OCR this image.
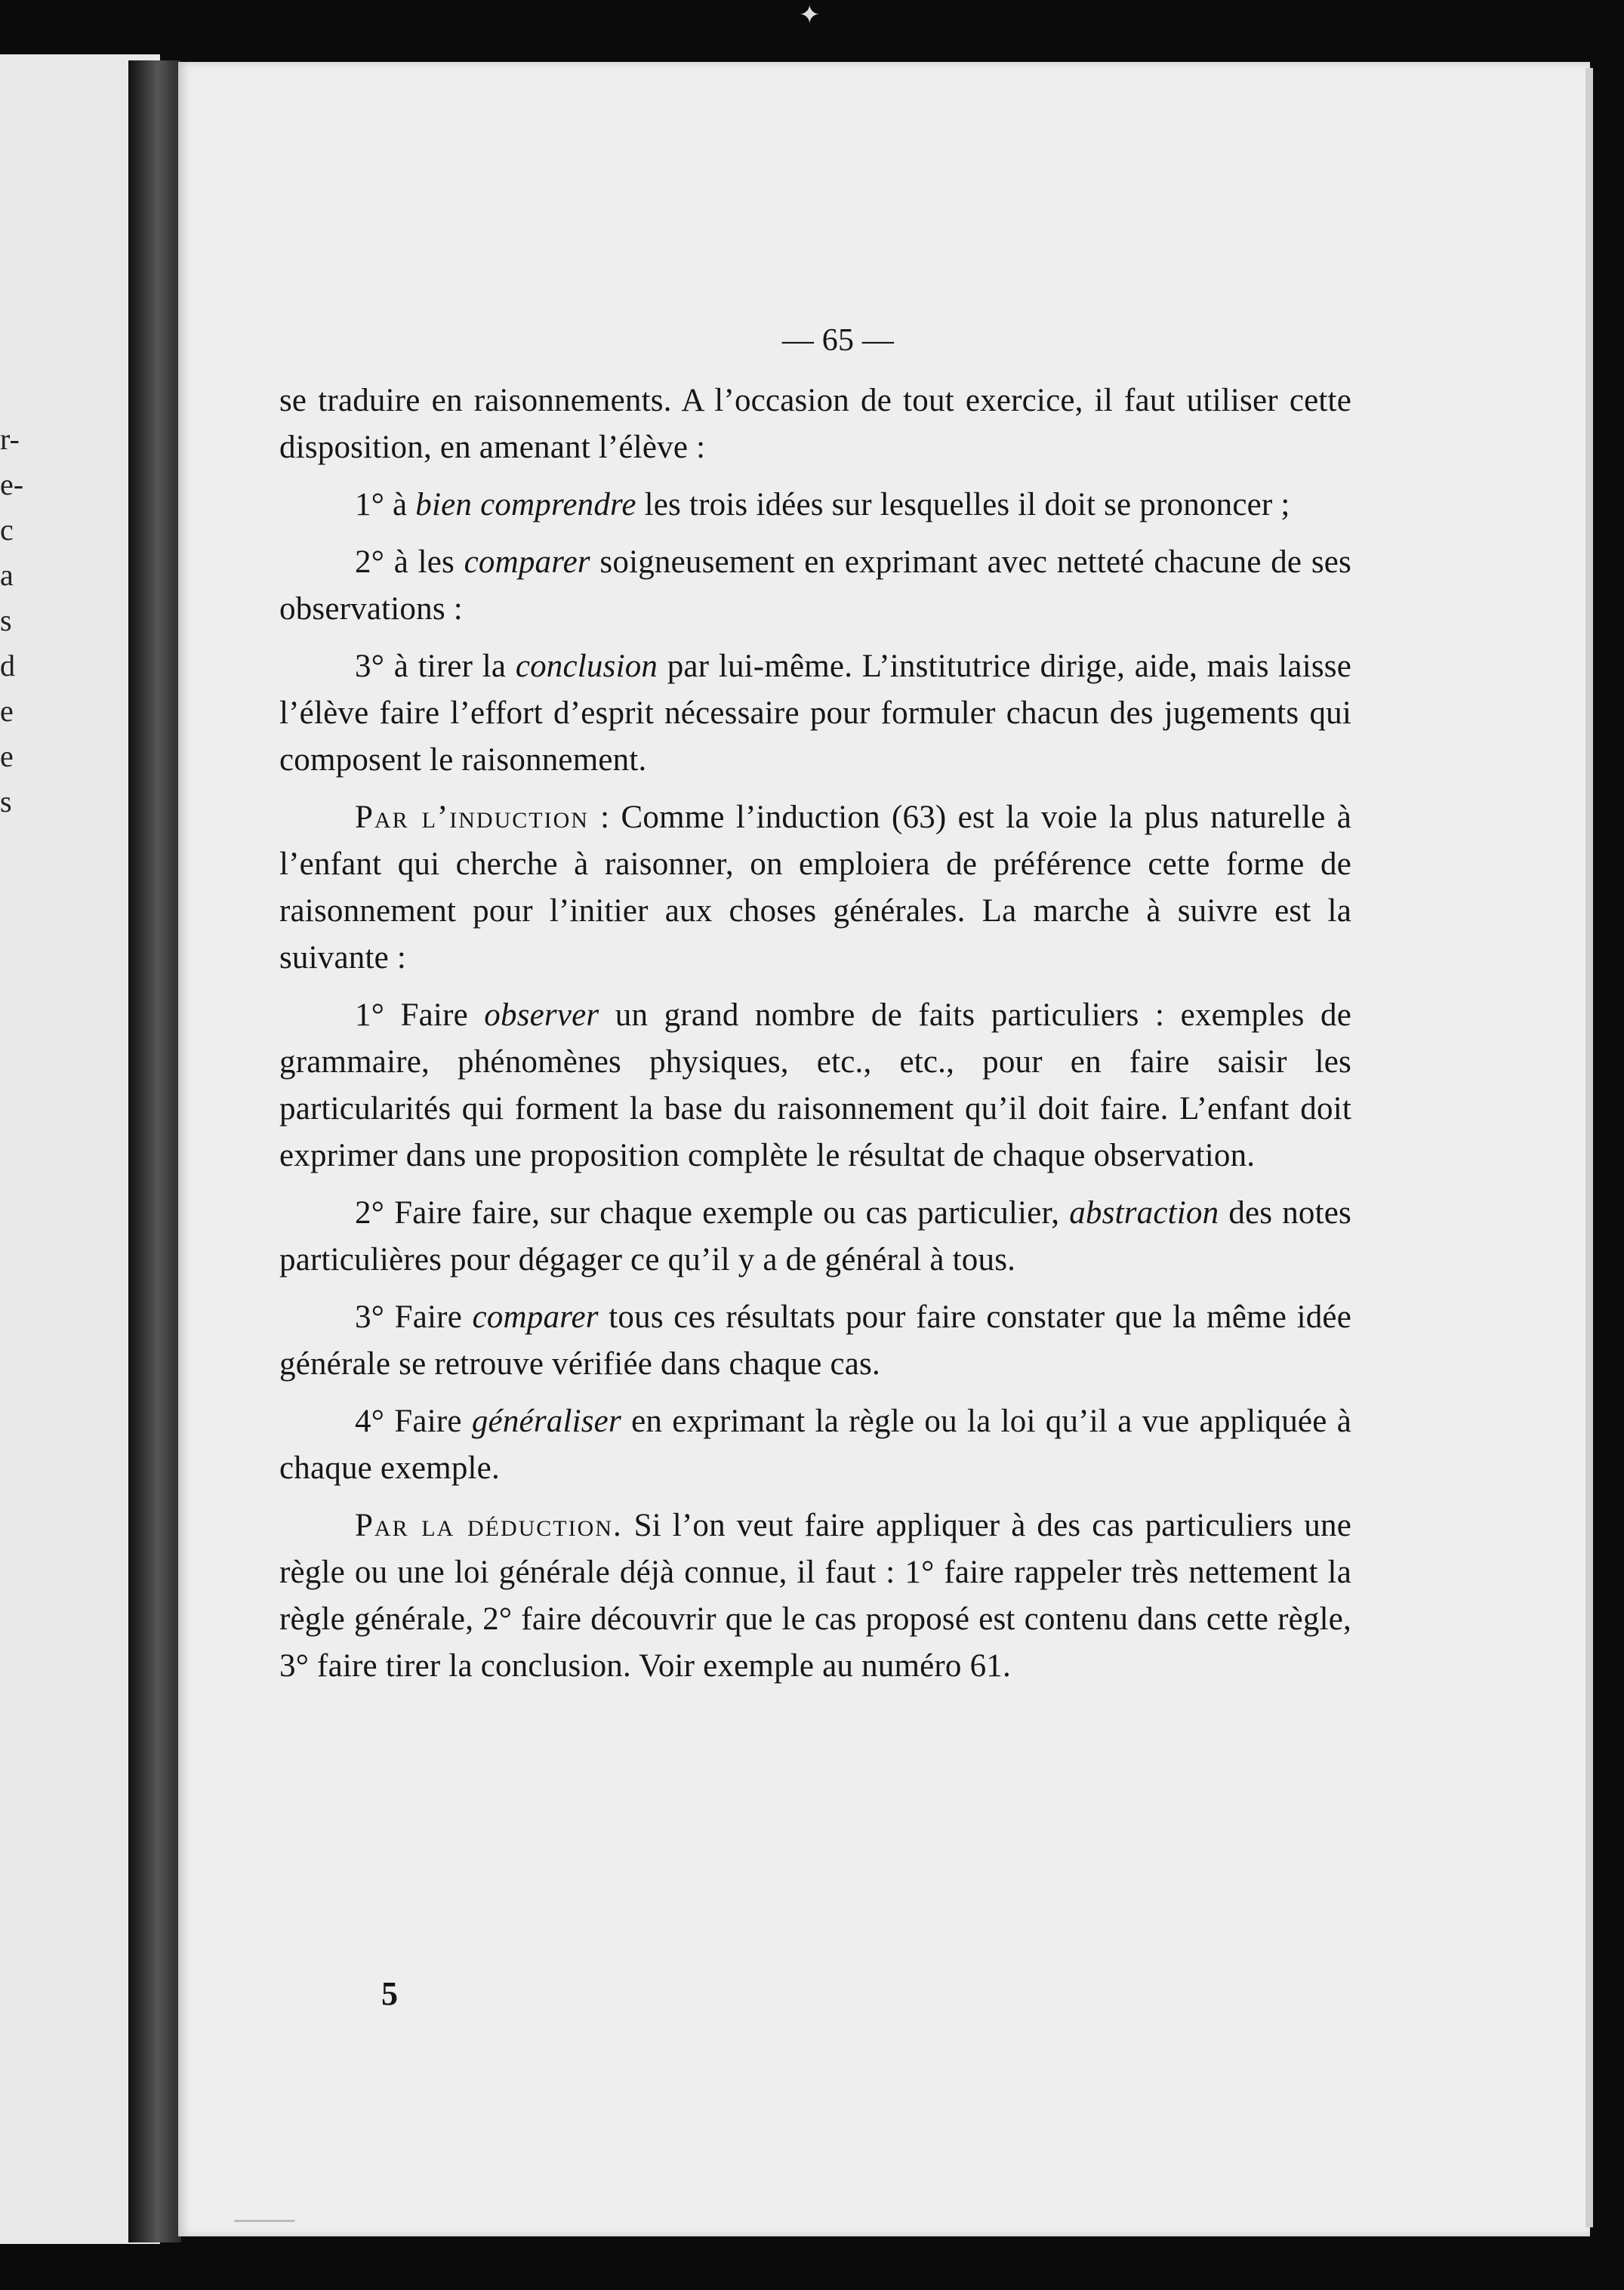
✦
r-
e-
c
a
s
d
e
e
s
— 65 —

se traduire en raisonnements. A l’occasion de tout exercice, il faut utiliser cette disposition, en amenant l’élève :

1° à bien comprendre les trois idées sur lesquelles il doit se prononcer ;

2° à les comparer soigneusement en exprimant avec netteté chacune de ses observations :

3° à tirer la conclusion par lui-même. L’institutrice dirige, aide, mais laisse l’élève faire l’effort d’esprit nécessaire pour formuler chacun des jugements qui composent le raisonnement.

Par l’induction : Comme l’induction (63) est la voie la plus naturelle à l’enfant qui cherche à raisonner, on emploiera de préférence cette forme de raisonnement pour l’initier aux choses générales. La marche à suivre est la suivante :

1° Faire observer un grand nombre de faits particuliers : exemples de grammaire, phénomènes physiques, etc., etc., pour en faire saisir les particularités qui forment la base du raisonnement qu’il doit faire. L’enfant doit exprimer dans une proposition complète le résultat de chaque observation.

2° Faire faire, sur chaque exemple ou cas particulier, abstraction des notes particulières pour dégager ce qu’il y a de général à tous.

3° Faire comparer tous ces résultats pour faire constater que la même idée générale se retrouve vérifiée dans chaque cas.

4° Faire généraliser en exprimant la règle ou la loi qu’il a vue appliquée à chaque exemple.

Par la déduction. Si l’on veut faire appliquer à des cas particuliers une règle ou une loi générale déjà connue, il faut : 1° faire rappeler très nettement la règle générale, 2° faire découvrir que le cas proposé est contenu dans cette règle, 3° faire tirer la conclusion. Voir exemple au numéro 61.

5
